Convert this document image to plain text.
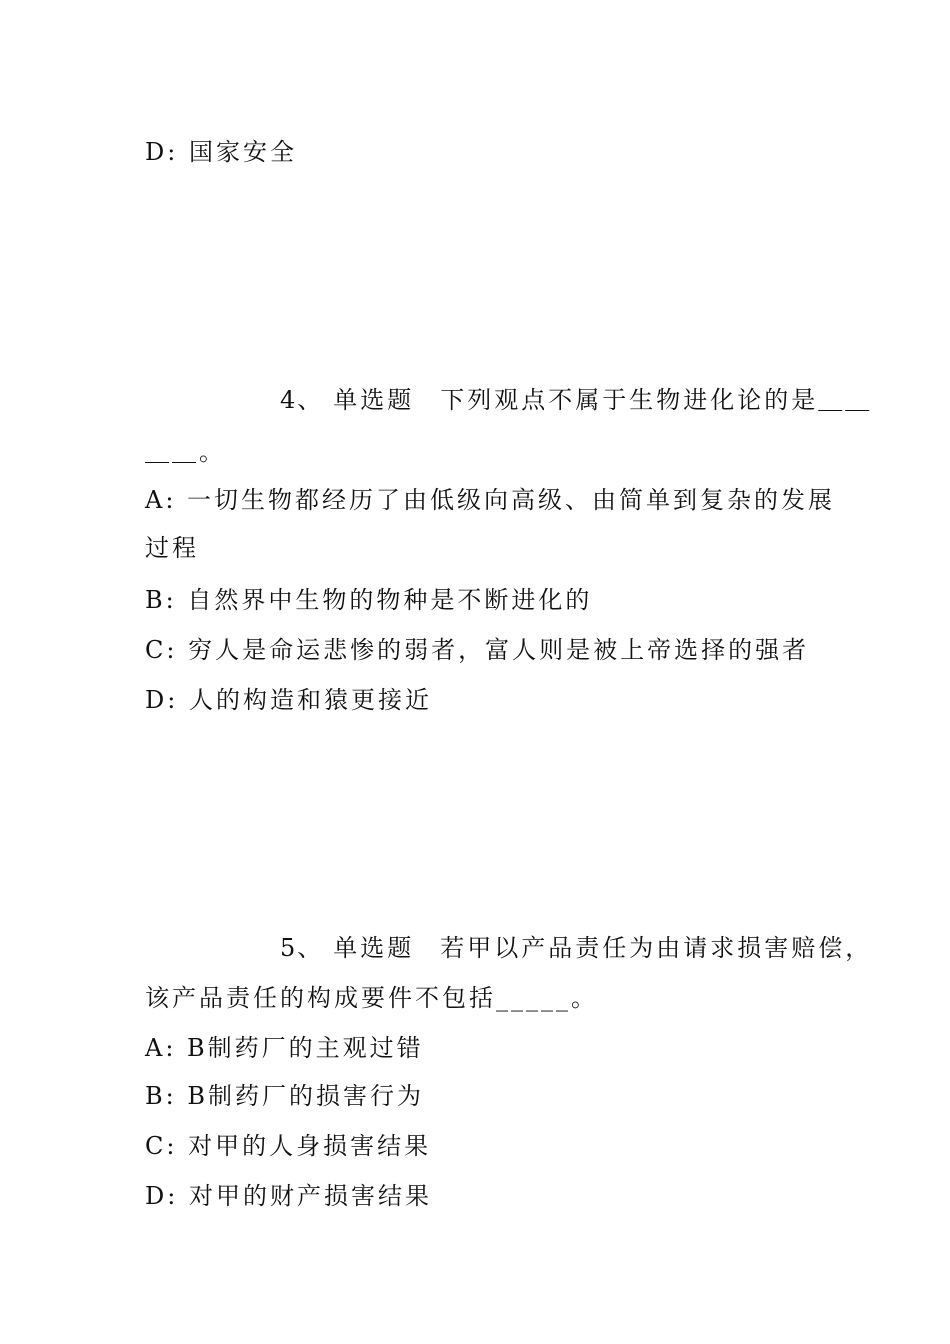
D: 国家安全
4、 单选题 下列观点不属于生物进化论的是＿＿
＿＿。
A: 一切生物都经历了由低级向高级、由简单到复杂的发展
过程
B: 自然界中生物的物种是不断进化的
C: 穷人是命运悲惨的弱者，富人则是被上帝选择的强者
D: 人的构造和猿更接近
5、 单选题 若甲以产品责任为由请求损害赔偿，
该产品责任的构成要件不包括_____。
A: B制药厂的主观过错
B: B制药厂的损害行为
C: 对甲的人身损害结果
D: 对甲的财产损害结果
